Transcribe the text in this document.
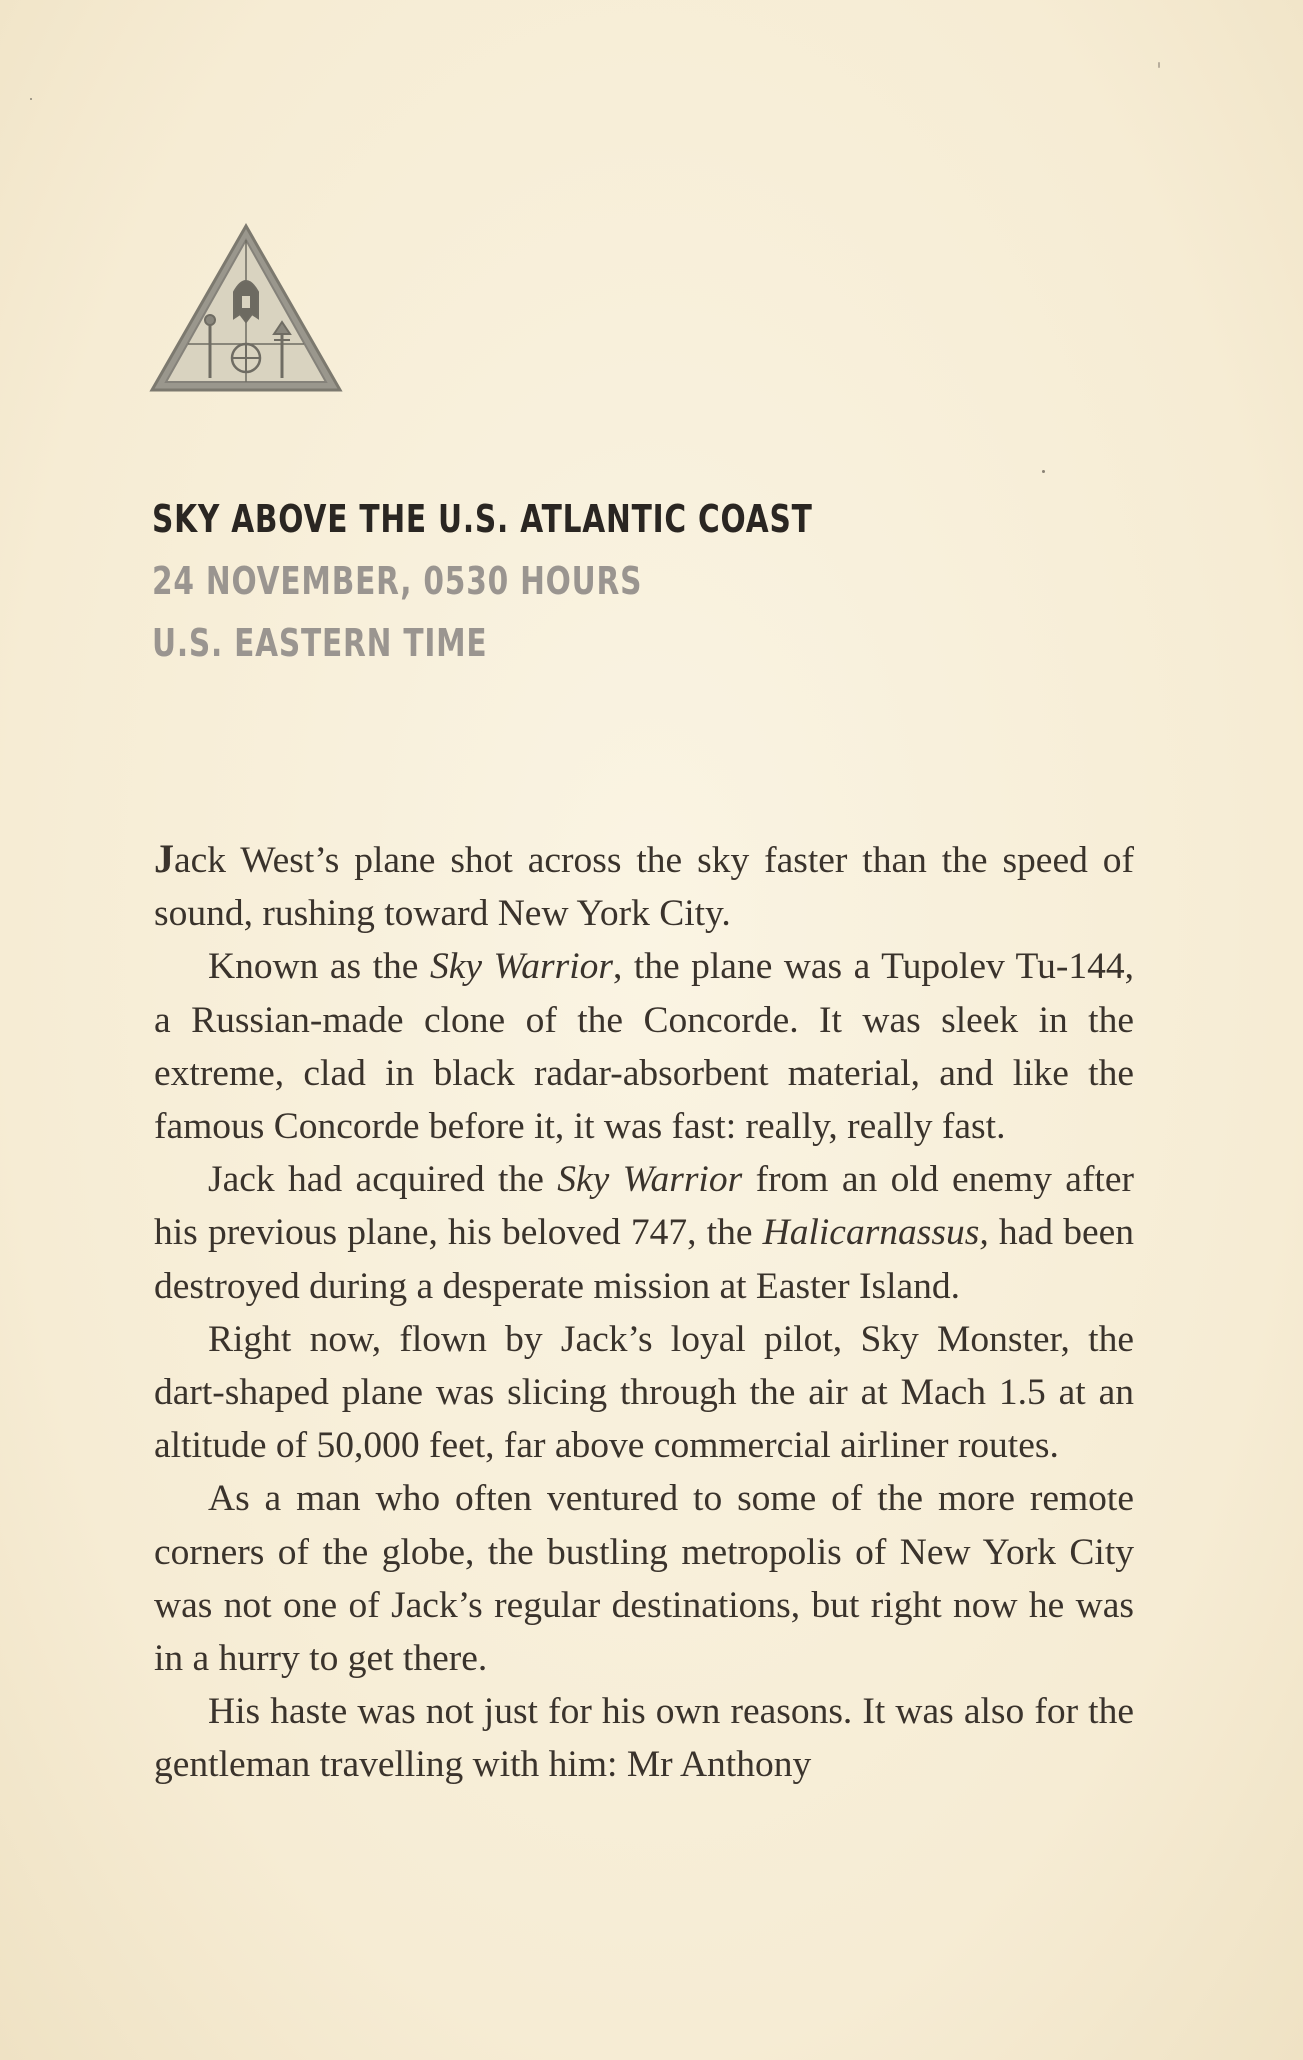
SKY ABOVE THE U.S. ATLANTIC COAST
24 NOVEMBER, 0530 HOURS
U.S. EASTERN TIME

Jack West’s plane shot across the sky faster than the speed of sound, rushing toward New York City.

Known as the Sky Warrior, the plane was a Tupolev Tu-144, a Russian-made clone of the Concorde. It was sleek in the extreme, clad in black radar-absorbent material, and like the famous Concorde before it, it was fast: really, really fast.

Jack had acquired the Sky Warrior from an old enemy after his previous plane, his beloved 747, the Halicarnassus, had been destroyed during a desperate mission at Easter Island.

Right now, flown by Jack’s loyal pilot, Sky Monster, the dart-shaped plane was slicing through the air at Mach 1.5 at an altitude of 50,000 feet, far above commercial airliner routes.

As a man who often ventured to some of the more remote corners of the globe, the bustling metropolis of New York City was not one of Jack’s regular destinations, but right now he was in a hurry to get there.

His haste was not just for his own reasons. It was also for the gentleman travelling with him: Mr Anthony
